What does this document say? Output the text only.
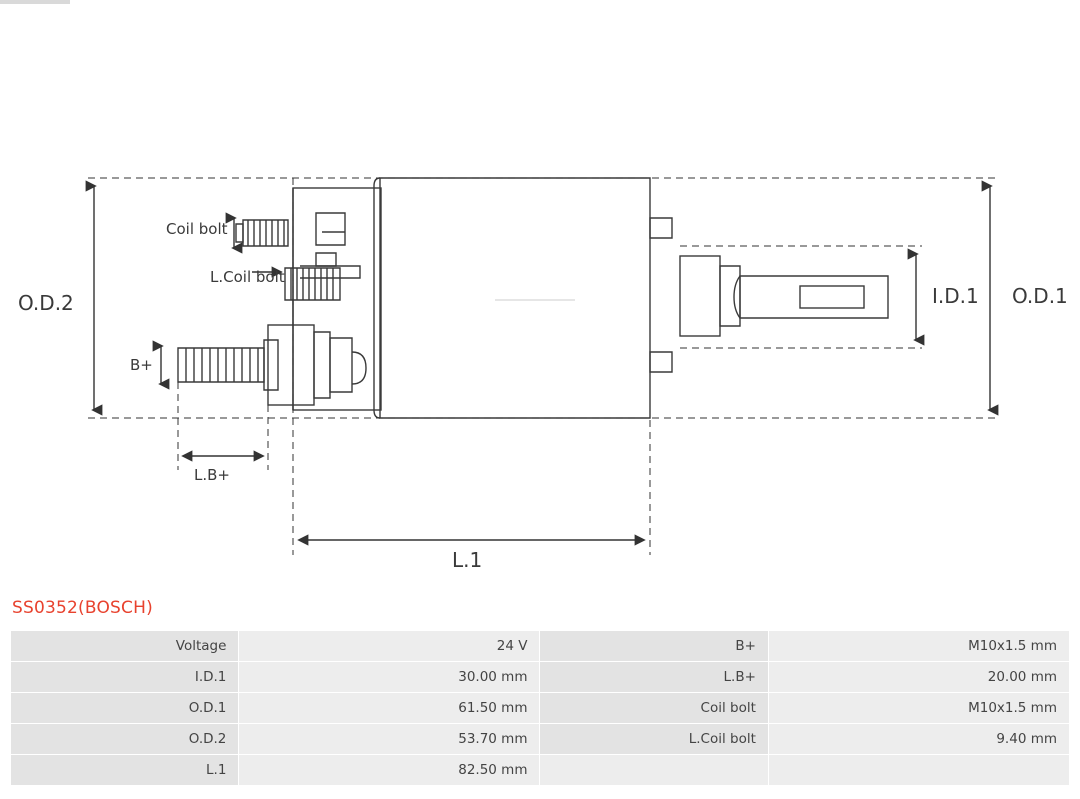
O.D.2	O.D.1
I.D.1
L.1
Coil bolt
L.Coil bolt
B+
L.B+
SS0352(BOSCH)
Voltage	24 V	B+	M10x1.5 mm
I.D.1	30.00 mm	L.B+	20.00 mm
O.D.1	61.50 mm	Coil bolt	M10x1.5 mm
O.D.2	53.70 mm	L.Coil bolt	9.40 mm
L.1	82.50 mm		
